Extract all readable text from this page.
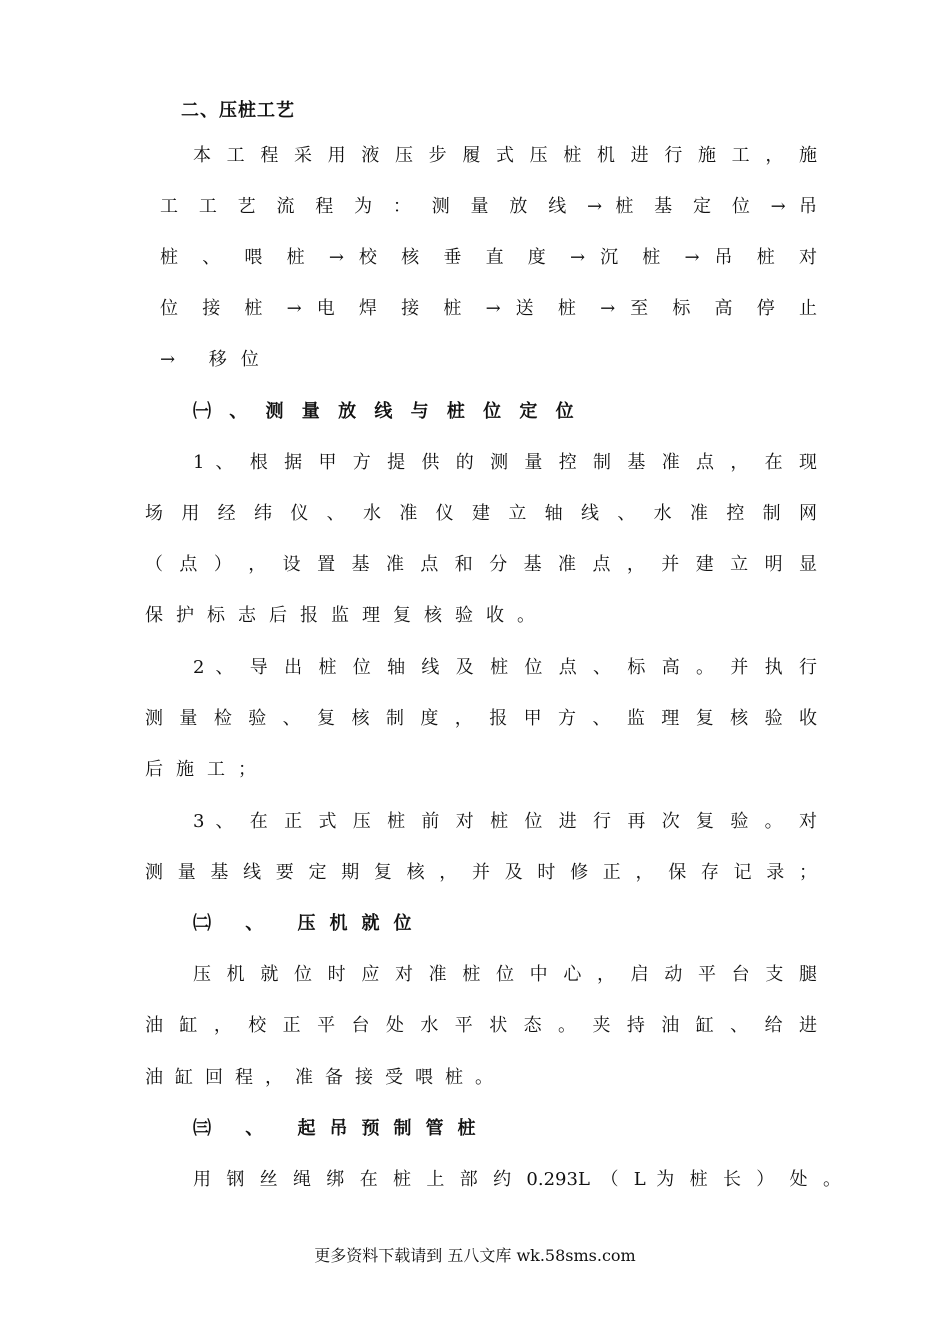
二、压桩工艺
本 工 程 采 用 液 压 步 履 式 压 桩 机 进 行 施 工 ， 施
工 工 艺 流 程 为 ： 测 量 放 线 → 桩 基 定 位 → 吊
桩 、 喂 桩 → 校 核 垂 直 度 → 沉 桩 → 吊 桩 对
位 接 桩 → 电 焊 接 桩 → 送 桩 → 至 标 高 停 止
→ 移位
㈠ 、 测 量 放 线 与 桩 位 定 位
1 、 根 据 甲 方 提 供 的 测 量 控 制 基 准 点 ， 在 现
场 用 经 纬 仪 、 水 准 仪 建 立 轴 线 、 水 准 控 制 网
（ 点 ） ， 设 置 基 准 点 和 分 基 准 点 ， 并 建 立 明 显
保护标志后报监理复核验收。
2 、 导 出 桩 位 轴 线 及 桩 位 点 、 标 高 。 并 执 行
测 量 检 验 、 复 核 制 度 ， 报 甲 方 、 监 理 复 核 验 收
后施工；
3 、 在 正 式 压 桩 前 对 桩 位 进 行 再 次 复 验 。 对
测 量 基 线 要 定 期 复 核 ， 并 及 时 修 正 ， 保 存 记 录 ；
㈡ 、 压机就位
压 机 就 位 时 应 对 准 桩 位 中 心 ， 启 动 平 台 支 腿
油 缸 ， 校 正 平 台 处 水 平 状 态 。 夹 持 油 缸 、 给 进
油缸回程，准备接受喂桩。
㈢ 、 起吊预制管桩
用 钢 丝 绳 绑 在 桩 上 部 约 0.293L （ L 为 桩 长 ） 处 。
更多资料下载请到 五八文库 wk.58sms.com
